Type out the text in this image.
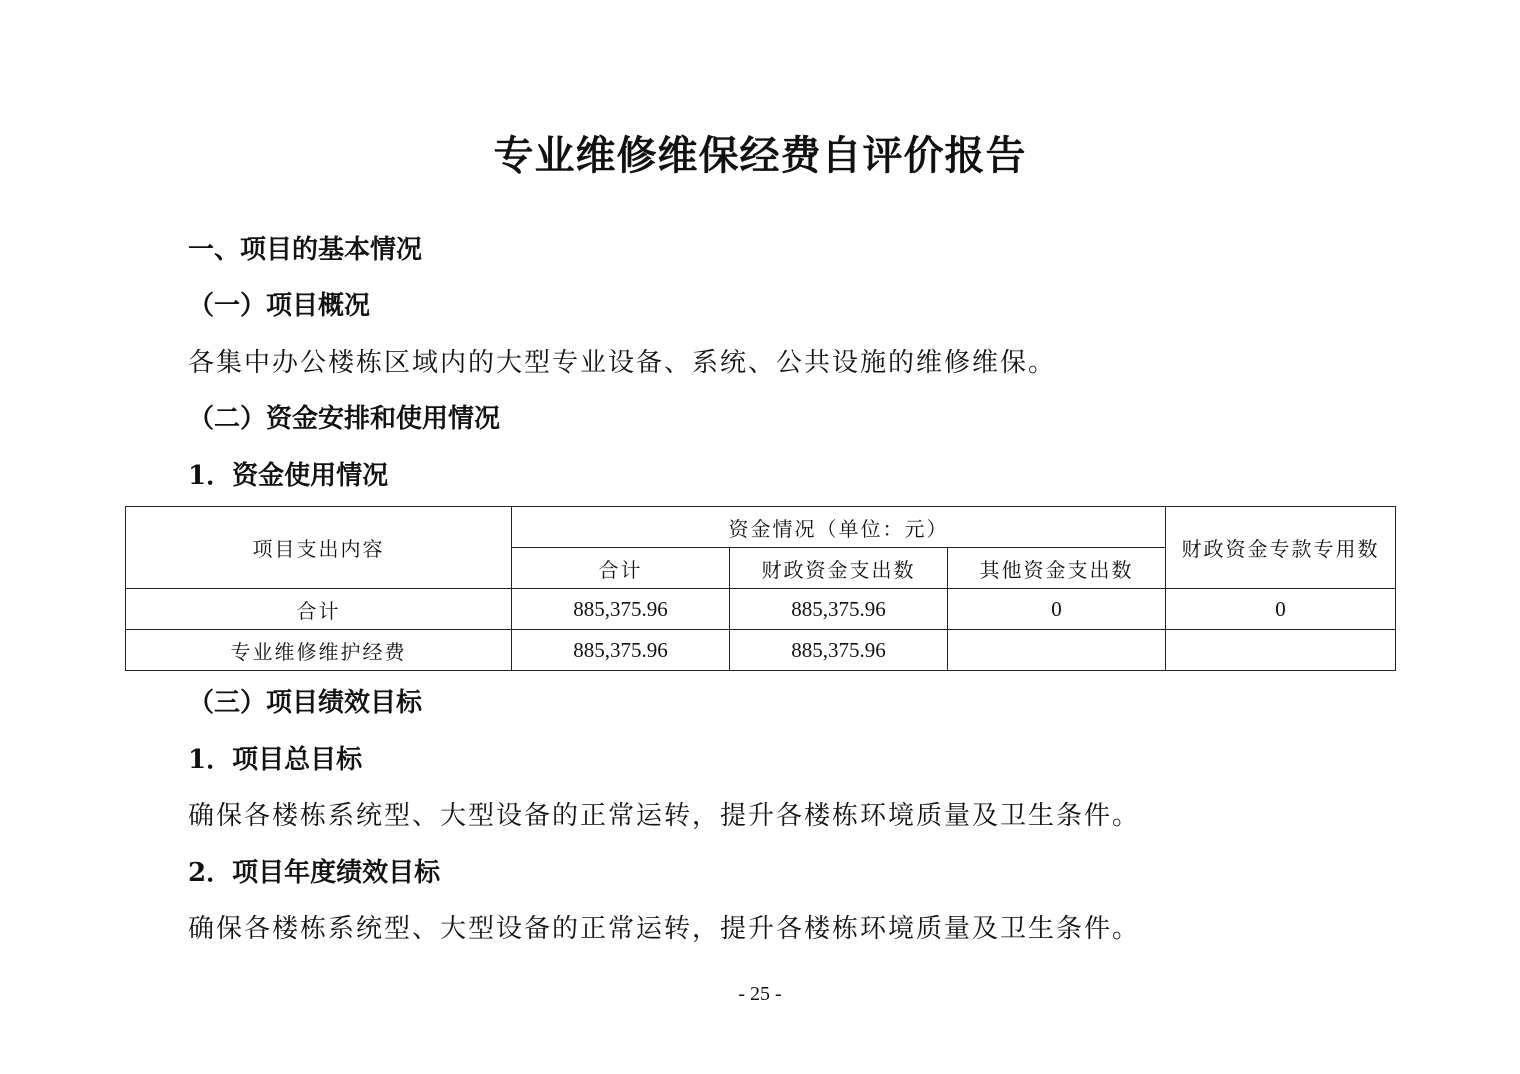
专业维修维保经费自评价报告
一、项目的基本情况
（一）项目概况
各集中办公楼栋区域内的大型专业设备、系统、公共设施的维修维保。
（二）资金安排和使用情况
1．资金使用情况
项目支出内容	资金情况（单位：元）			财政资金专款专用数
	合计	财政资金支出数	其他资金支出数	
合计	885,375.96	885,375.96	0	0
专业维修维护经费	885,375.96	885,375.96		
（三）项目绩效目标
1．项目总目标
确保各楼栋系统型、大型设备的正常运转，提升各楼栋环境质量及卫生条件。
2．项目年度绩效目标
确保各楼栋系统型、大型设备的正常运转，提升各楼栋环境质量及卫生条件。
- 25 -
